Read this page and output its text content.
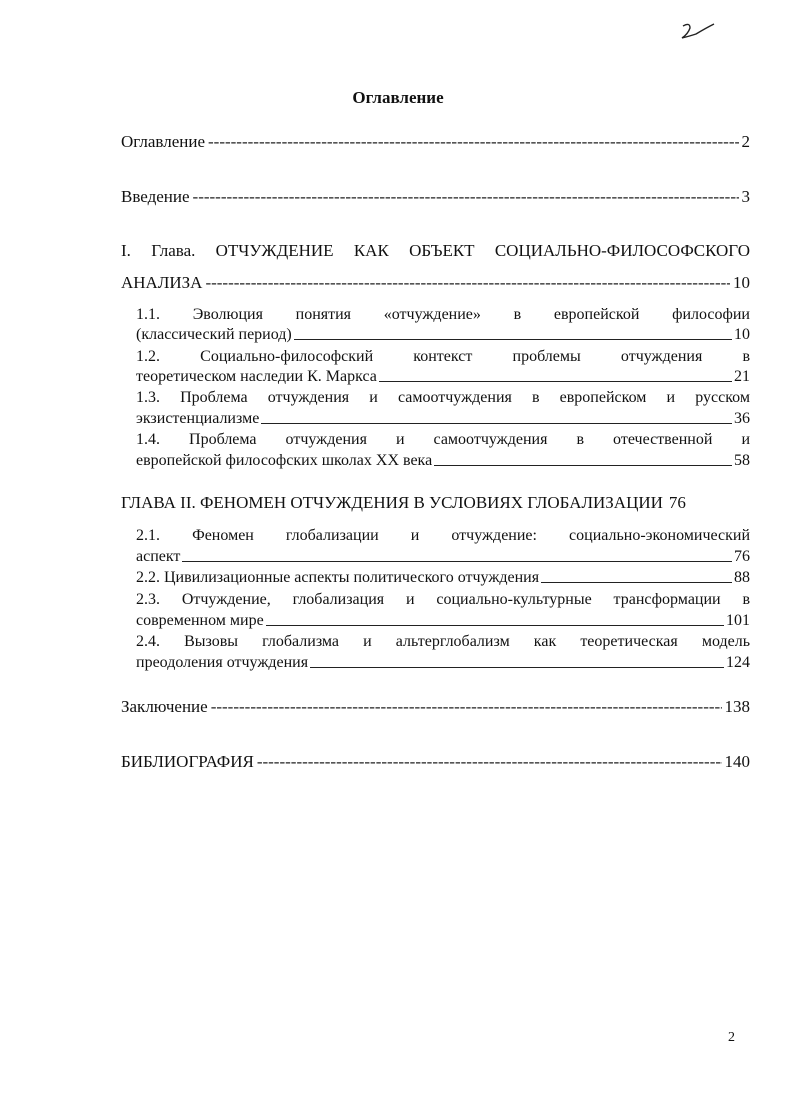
Оглавление
Оглавление -----	2
Введение -----	3
I. Глава. ОТЧУЖДЕНИЕ КАК ОБЪЕКТ СОЦИАЛЬНО-ФИЛОСОФСКОГО
АНАЛИЗА -----	10
1.1. Эволюция понятия «отчуждение» в европейской философии
(классический период)	10
1.2. Социально-философский контекст проблемы отчуждения в
теоретическом наследии К. Маркса	21
1.3. Проблема отчуждения и самоотчуждения в европейском и русском
экзистенциализме	36
1.4. Проблема отчуждения и самоотчуждения в отечественной и
европейской философских школах XX века	58
ГЛАВА II. ФЕНОМЕН ОТЧУЖДЕНИЯ В УСЛОВИЯХ ГЛОБАЛИЗАЦИИ 76
2.1. Феномен глобализации и отчуждение: социально-экономический
аспект	76
2.2. Цивилизационные аспекты политического отчуждения	88
2.3. Отчуждение, глобализация и социально-культурные трансформации в
современном мире	101
2.4. Вызовы глобализма и альтерглобализм как теоретическая модель
преодоления отчуждения	124
Заключение -----	138
БИБЛИОГРАФИЯ -----	140
2
